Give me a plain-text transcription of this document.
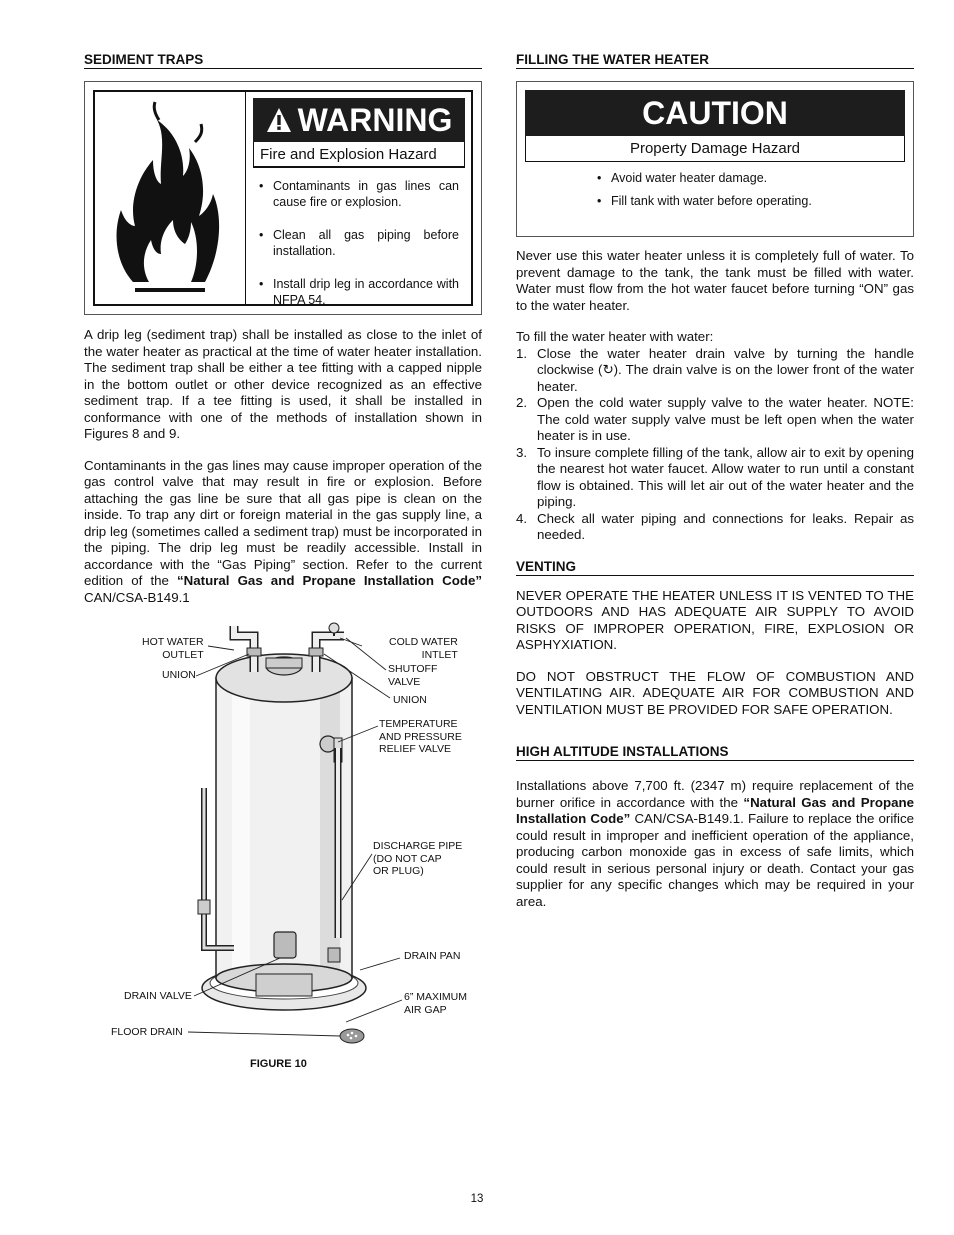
SEDIMENT TRAPS
WARNING
Fire and Explosion Hazard
• Contaminants in gas lines can cause fire or explosion.
• Clean all gas piping before installation.
• Install drip leg in accordance with NFPA 54.

A drip leg (sediment trap) shall be installed as close to the inlet of the water heater as practical at the time of water heater installation. The sediment trap shall be either a tee fitting with a capped nipple in the bottom outlet or other device recognized as an effective sediment trap. If a tee fitting is used, it shall be installed in conformance with one of the methods of installation shown in Figures 8 and 9.

Contaminants in the gas lines may cause improper operation of the gas control valve that may result in fire or explosion. Before attaching the gas line be sure that all gas pipe is clean on the inside. To trap any dirt or foreign material in the gas supply line, a drip leg (sometimes called a sediment trap) must be incorporated in the piping. The drip leg must be readily accessible. Install in accordance with the “Gas Piping” section. Refer to the current edition of the “Natural Gas and Propane Installation Code” CAN/CSA-B149.1

HOT WATER
OUTLET
UNION
COLD WATER
INTLET
SHUTOFF
VALVE
UNION
TEMPERATURE
AND PRESSURE
RELIEF VALVE
DISCHARGE PIPE
(DO NOT CAP
OR PLUG)
DRAIN PAN
DRAIN VALVE	6” MAXIMUM
AIR GAP
FLOOR DRAIN
FIGURE 10
FILLING THE WATER HEATER
CAUTION
Property Damage Hazard
• Avoid water heater damage.
• Fill tank with water before operating.

Never use this water heater unless it is completely full of water. To prevent damage to the tank, the tank must be filled with water. Water must flow from the hot water faucet before turning “ON” gas to the water heater.

To fill the water heater with water:

1. Close the water heater drain valve by turning the handle clockwise (↻). The drain valve is on the lower front of the water heater.
2. Open the cold water supply valve to the water heater. NOTE: The cold water supply valve must be left open when the water heater is in use.
3. To insure complete filling of the tank, allow air to exit by opening the nearest hot water faucet. Allow water to run until a constant flow is obtained. This will let air out of the water heater and the piping.
4. Check all water piping and connections for leaks. Repair as needed.
VENTING

NEVER OPERATE THE HEATER UNLESS IT IS VENTED TO THE OUTDOORS AND HAS ADEQUATE AIR SUPPLY TO AVOID RISKS OF IMPROPER OPERATION, FIRE, EXPLOSION OR ASPHYXIATION.

DO NOT OBSTRUCT THE FLOW OF COMBUSTION AND VENTILATING AIR. ADEQUATE AIR FOR COMBUSTION AND VENTILATION MUST BE PROVIDED FOR SAFE OPERATION.

HIGH ALTITUDE INSTALLATIONS

Installations above 7,700 ft. (2347 m) require replacement of the burner orifice in accordance with the “Natural Gas and Propane Installation Code” CAN/CSA-B149.1. Failure to replace the orifice could result in improper and inefficient operation of the appliance, producing carbon monoxide gas in excess of safe limits, which could result in serious personal injury or death. Contact your gas supplier for any specific changes which may be required in your area.

13
